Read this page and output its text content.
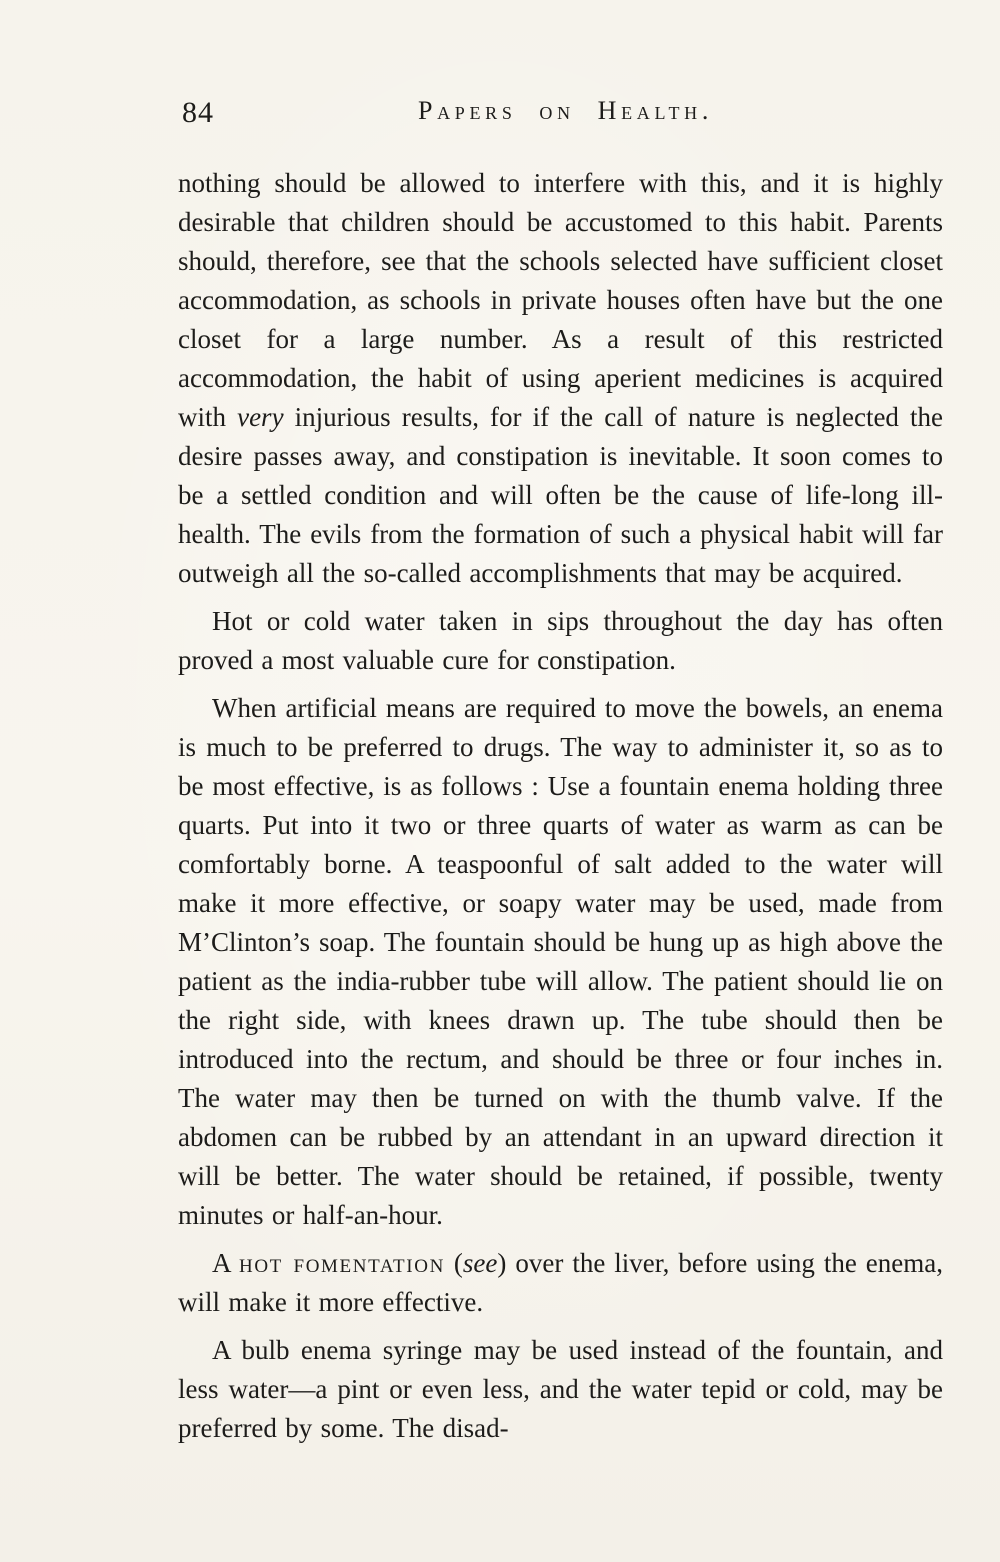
84	Papers on Health.

nothing should be allowed to interfere with this, and it is highly desirable that children should be accustomed to this habit. Parents should, therefore, see that the schools selected have sufficient closet accommodation, as schools in private houses often have but the one closet for a large number. As a result of this restricted accommodation, the habit of using aperient medicines is acquired with very injurious results, for if the call of nature is neglected the desire passes away, and constipation is inevitable. It soon comes to be a settled condition and will often be the cause of life-long ill-health. The evils from the formation of such a physical habit will far outweigh all the so-called accomplishments that may be acquired.

Hot or cold water taken in sips throughout the day has often proved a most valuable cure for constipation.

When artificial means are required to move the bowels, an enema is much to be preferred to drugs. The way to administer it, so as to be most effective, is as follows : Use a fountain enema holding three quarts. Put into it two or three quarts of water as warm as can be comfortably borne. A teaspoonful of salt added to the water will make it more effective, or soapy water may be used, made from M’Clinton’s soap. The fountain should be hung up as high above the patient as the india-rubber tube will allow. The patient should lie on the right side, with knees drawn up. The tube should then be introduced into the rectum, and should be three or four inches in. The water may then be turned on with the thumb valve. If the abdomen can be rubbed by an attendant in an upward direction it will be better. The water should be retained, if possible, twenty minutes or half-an-hour.

A hot fomentation (see) over the liver, before using the enema, will make it more effective.

A bulb enema syringe may be used instead of the fountain, and less water—a pint or even less, and the water tepid or cold, may be preferred by some. The disad-
